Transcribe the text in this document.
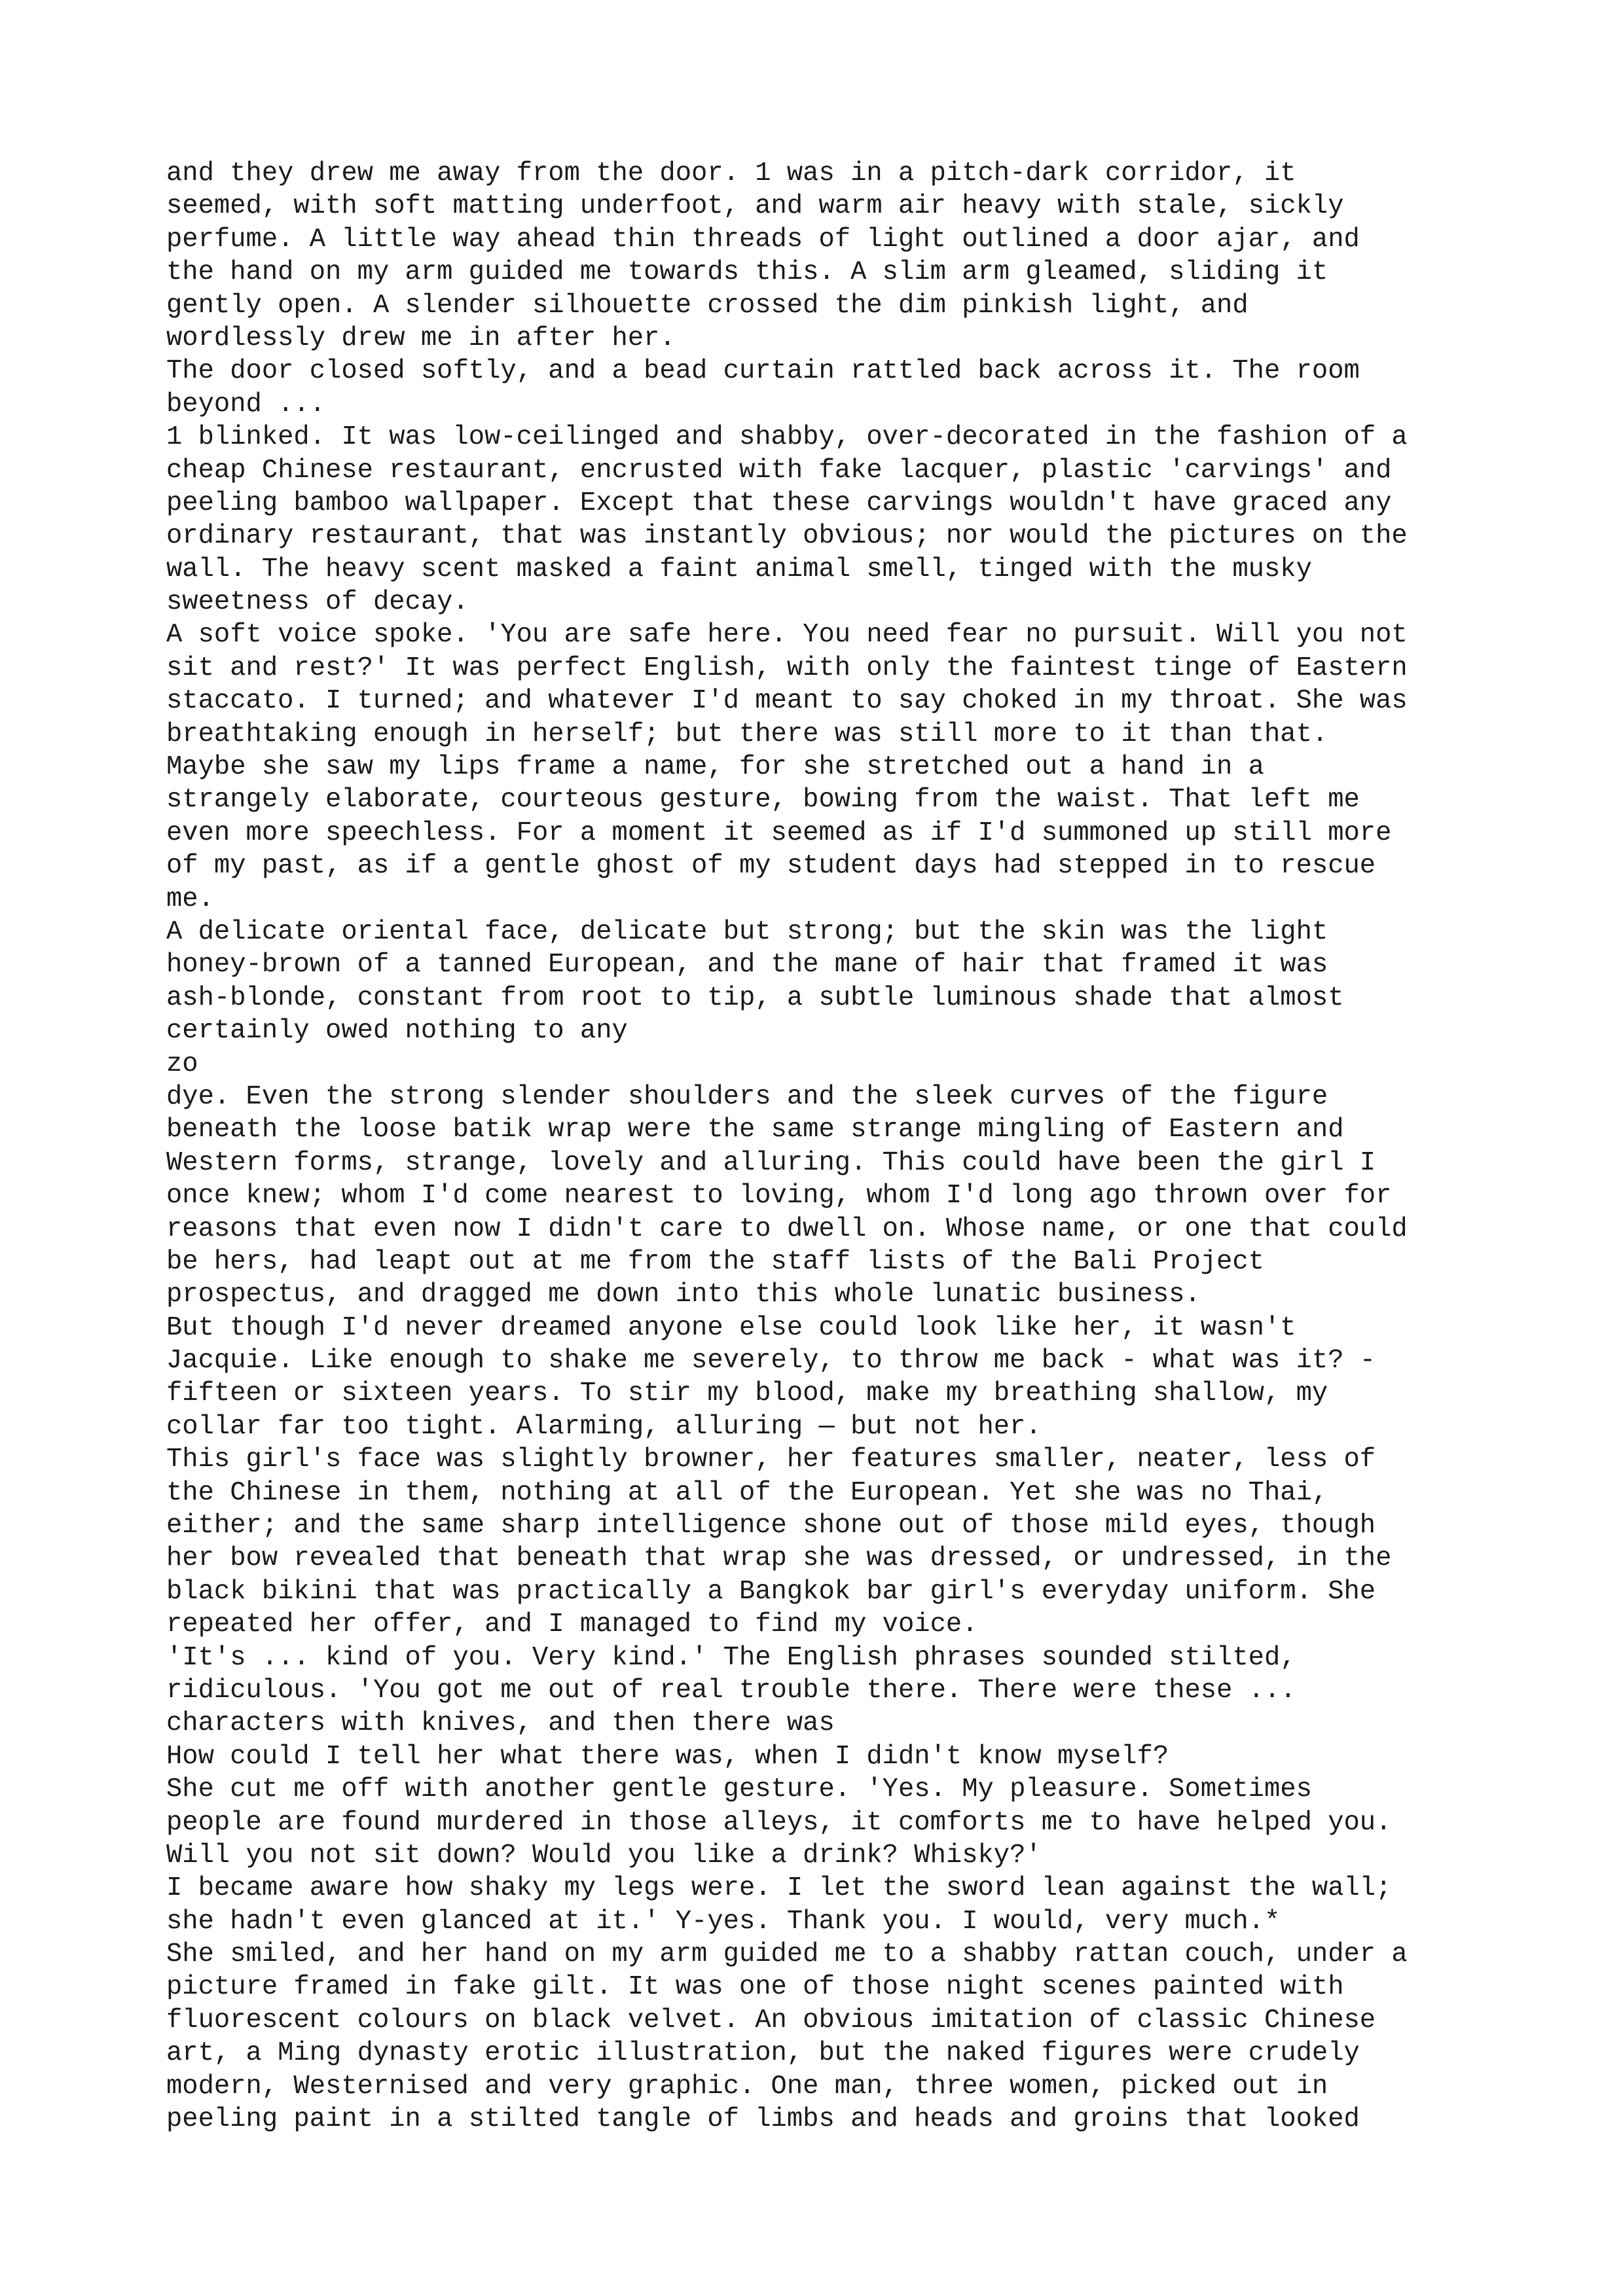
and they drew me away from the door. 1 was in a pitch-dark corridor, it
seemed, with soft matting underfoot, and warm air heavy with stale, sickly
perfume. A little way ahead thin threads of light outlined a door ajar, and
the hand on my arm guided me towards this. A slim arm gleamed, sliding it
gently open. A slender silhouette crossed the dim pinkish light, and
wordlessly drew me in after her.
The door closed softly, and a bead curtain rattled back across it. The room
beyond ...
1 blinked. It was low-ceilinged and shabby, over-decorated in the fashion of a
cheap Chinese restaurant, encrusted with fake lacquer, plastic 'carvings' and
peeling bamboo wallpaper. Except that these carvings wouldn't have graced any
ordinary restaurant, that was instantly obvious; nor would the pictures on the
wall. The heavy scent masked a faint animal smell, tinged with the musky
sweetness of decay.
A soft voice spoke. 'You are safe here. You need fear no pursuit. Will you not
sit and rest?' It was perfect English, with only the faintest tinge of Eastern
staccato. I turned; and whatever I'd meant to say choked in my throat. She was
breathtaking enough in herself; but there was still more to it than that.
Maybe she saw my lips frame a name, for she stretched out a hand in a
strangely elaborate, courteous gesture, bowing from the waist. That left me
even more speechless. For a moment it seemed as if I'd summoned up still more
of my past, as if a gentle ghost of my student days had stepped in to rescue
me.
A delicate oriental face, delicate but strong; but the skin was the light
honey-brown of a tanned European, and the mane of hair that framed it was
ash-blonde, constant from root to tip, a subtle luminous shade that almost
certainly owed nothing to any
zo
dye. Even the strong slender shoulders and the sleek curves of the figure
beneath the loose batik wrap were the same strange mingling of Eastern and
Western forms, strange, lovely and alluring. This could have been the girl I
once knew; whom I'd come nearest to loving, whom I'd long ago thrown over for
reasons that even now I didn't care to dwell on. Whose name, or one that could
be hers, had leapt out at me from the staff lists of the Bali Project
prospectus, and dragged me down into this whole lunatic business.
But though I'd never dreamed anyone else could look like her, it wasn't
Jacquie. Like enough to shake me severely, to throw me back - what was it? -
fifteen or sixteen years. To stir my blood, make my breathing shallow, my
collar far too tight. Alarming, alluring — but not her.
This girl's face was slightly browner, her features smaller, neater, less of
the Chinese in them, nothing at all of the European. Yet she was no Thai,
either; and the same sharp intelligence shone out of those mild eyes, though
her bow revealed that beneath that wrap she was dressed, or undressed, in the
black bikini that was practically a Bangkok bar girl's everyday uniform. She
repeated her offer, and I managed to find my voice.
'It's ... kind of you. Very kind.' The English phrases sounded stilted,
ridiculous. 'You got me out of real trouble there. There were these ...
characters with knives, and then there was
How could I tell her what there was, when I didn't know myself?
She cut me off with another gentle gesture. 'Yes. My pleasure. Sometimes
people are found murdered in those alleys, it comforts me to have helped you.
Will you not sit down? Would you like a drink? Whisky?'
I became aware how shaky my legs were. I let the sword lean against the wall;
she hadn't even glanced at it.' Y-yes. Thank you. I would, very much.*
She smiled, and her hand on my arm guided me to a shabby rattan couch, under a
picture framed in fake gilt. It was one of those night scenes painted with
fluorescent colours on black velvet. An obvious imitation of classic Chinese
art, a Ming dynasty erotic illustration, but the naked figures were crudely
modern, Westernised and very graphic. One man, three women, picked out in
peeling paint in a stilted tangle of limbs and heads and groins that looked
